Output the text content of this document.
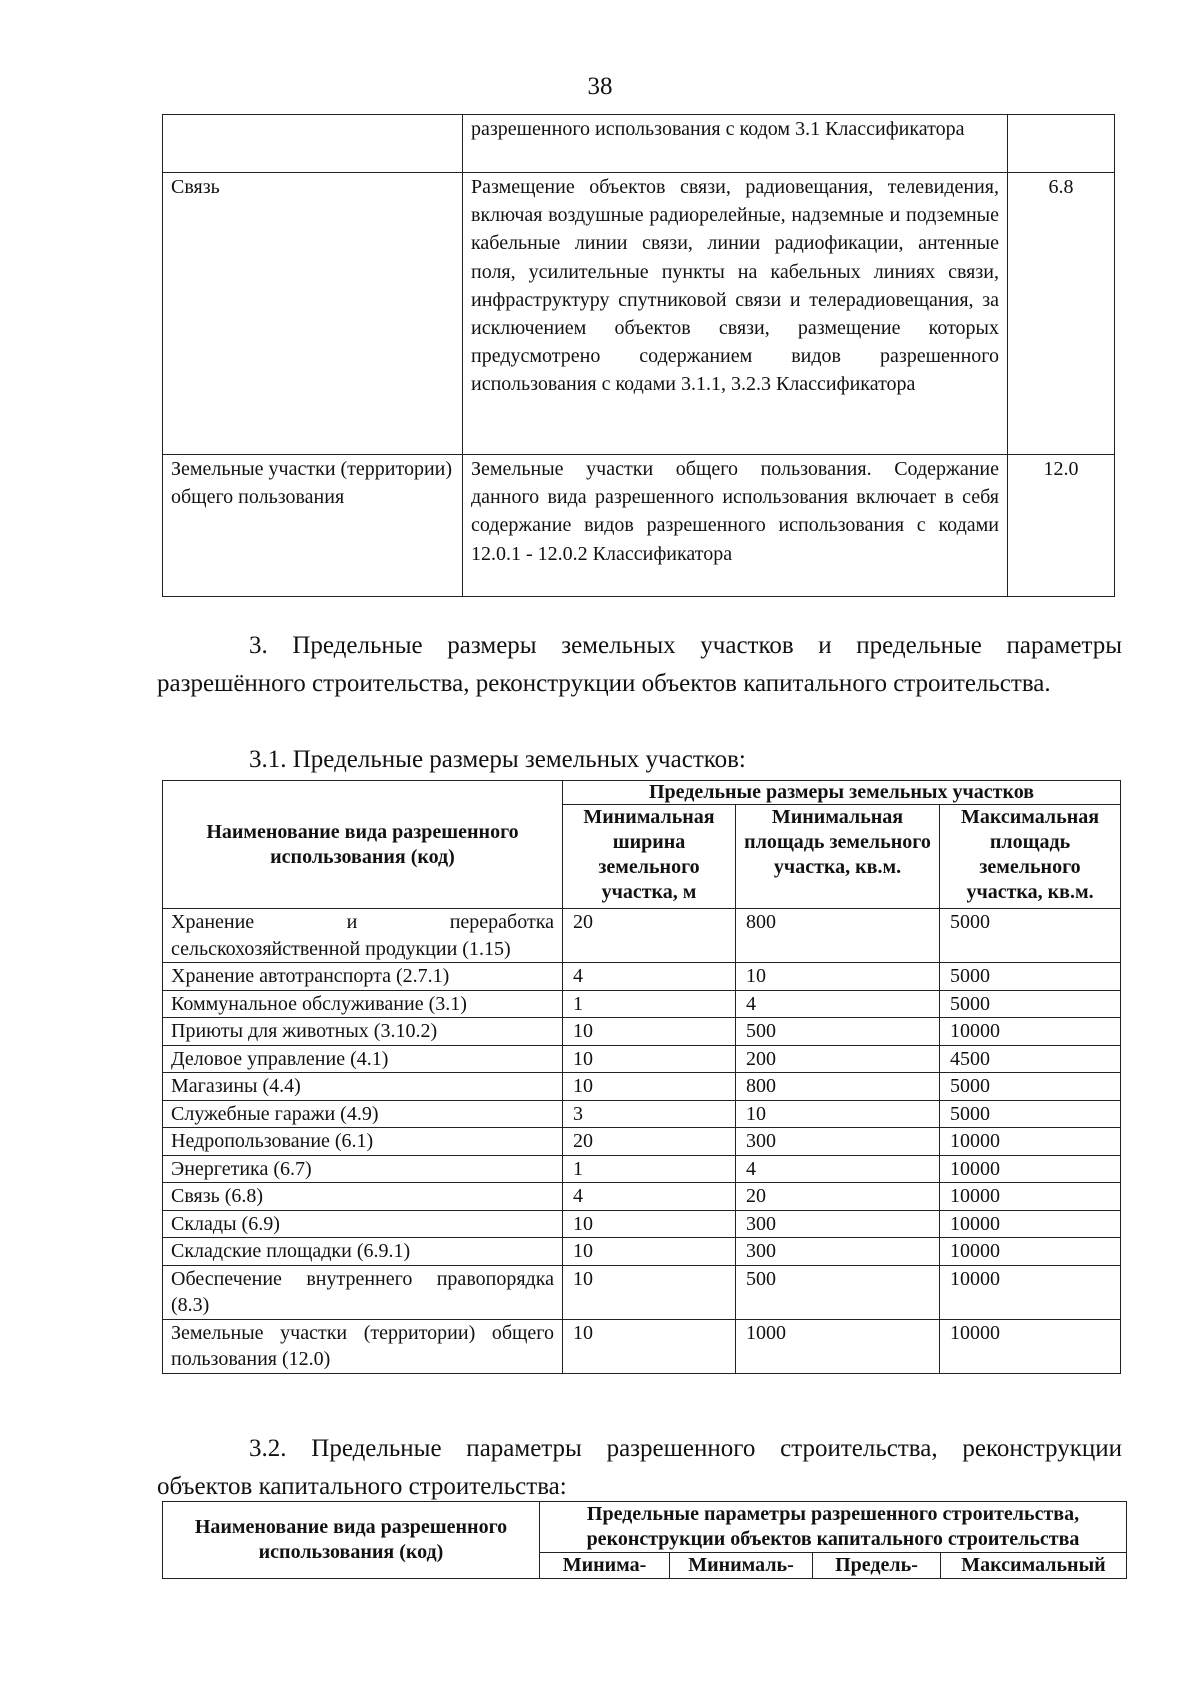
38
	разрешенного использования с кодом 3.1 Классификатора	
Связь	Размещение объектов связи, радиовещания, телевидения, включая воздушные радиорелейные, надземные и подземные кабельные линии связи, линии радиофикации, антенные поля, усилительные пункты на кабельных линиях связи, инфраструктуру спутниковой связи и телерадиовещания, за исключением объектов связи, размещение которых предусмотрено содержанием видов разрешенного использования с кодами 3.1.1, 3.2.3 Классификатора	6.8
Земельные участки (территории) общего пользования	Земельные участки общего пользования. Содержание данного вида разрешенного использования включает в себя содержание видов разрешенного использования с кодами 12.0.1 - 12.0.2 Классификатора	12.0

3. Предельные размеры земельных участков и предельные параметры разрешённого строительства, реконструкции объектов капитального строительства.

3.1. Предельные размеры земельных участков:

Наименование вида разрешенного использования (код)	Предельные размеры земельных участков		
	Минимальная ширина земельного участка, м	Минимальная площадь земельного участка, кв.м.	Максимальная площадь земельного участка, кв.м.
Хранение и переработка сельскохозяйственной продукции (1.15)	20	800	5000
Хранение автотранспорта (2.7.1)	4	10	5000
Коммунальное обслуживание (3.1)	1	4	5000
Приюты для животных (3.10.2)	10	500	10000
Деловое управление (4.1)	10	200	4500
Магазины (4.4)	10	800	5000
Служебные гаражи (4.9)	3	10	5000
Недропользование (6.1)	20	300	10000
Энергетика (6.7)	1	4	10000
Связь (6.8)	4	20	10000
Склады (6.9)	10	300	10000
Складские площадки (6.9.1)	10	300	10000
Обеспечение внутреннего правопорядка (8.3)	10	500	10000
Земельные участки (территории) общего пользования (12.0)	10	1000	10000

3.2. Предельные параметры разрешенного строительства, реконструкции объектов капитального строительства:

Наименование вида разрешенного использования (код)	Предельные параметры разрешенного строительства, реконструкции объектов капитального строительства			
	Минима-	Минималь-	Предель-	Максимальный
